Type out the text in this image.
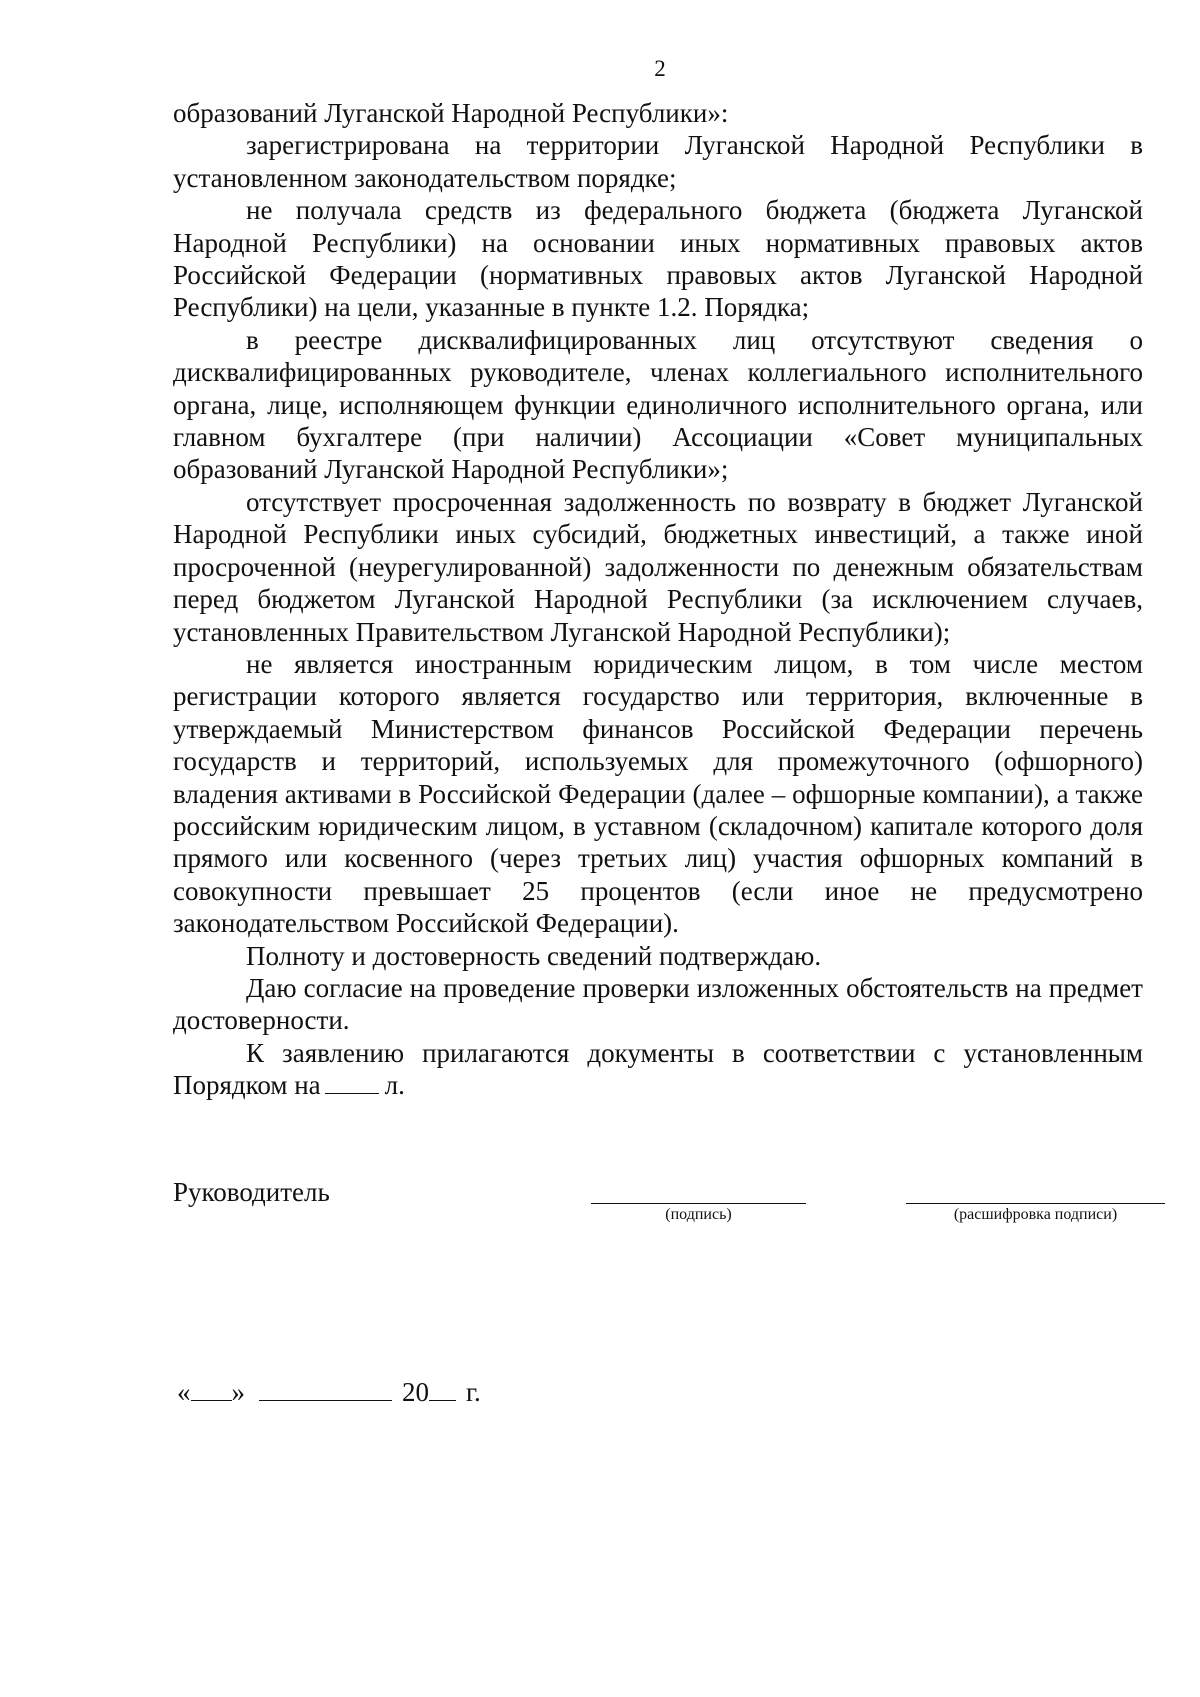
2

образований Луганской Народной Республики»:

зарегистрирована на территории Луганской Народной Республики в установленном законодательством порядке;

не получала средств из федерального бюджета (бюджета Луганской Народной Республики) на основании иных нормативных правовых актов Российской Федерации (нормативных правовых актов Луганской Народной Республики) на цели, указанные в пункте 1.2. Порядка;

в реестре дисквалифицированных лиц отсутствуют сведения о дисквалифицированных руководителе, членах коллегиального исполнительного органа, лице, исполняющем функции единоличного исполнительного органа, или главном бухгалтере (при наличии) Ассоциации «Совет муниципальных образований Луганской Народной Республики»;

отсутствует просроченная задолженность по возврату в бюджет Луганской Народной Республики иных субсидий, бюджетных инвестиций, а также иной просроченной (неурегулированной) задолженности по денежным обязательствам перед бюджетом Луганской Народной Республики (за исключением случаев, установленных Правительством Луганской Народной Республики);

не является иностранным юридическим лицом, в том числе местом регистрации которого является государство или территория, включенные в утверждаемый Министерством финансов Российской Федерации перечень государств и территорий, используемых для промежуточного (офшорного) владения активами в Российской Федерации (далее – офшорные компании), а также российским юридическим лицом, в уставном (складочном) капитале которого доля прямого или косвенного (через третьих лиц) участия офшорных компаний в совокупности превышает 25 процентов (если иное не предусмотрено законодательством Российской Федерации).

Полноту и достоверность сведений подтверждаю.

Даю согласие на проведение проверки изложенных обстоятельств на предмет достоверности.

К заявлению прилагаются документы в соответствии с установленным Порядком на л.

Руководитель
(подпись)	(расшифровка подписи)
« »	20 г.
